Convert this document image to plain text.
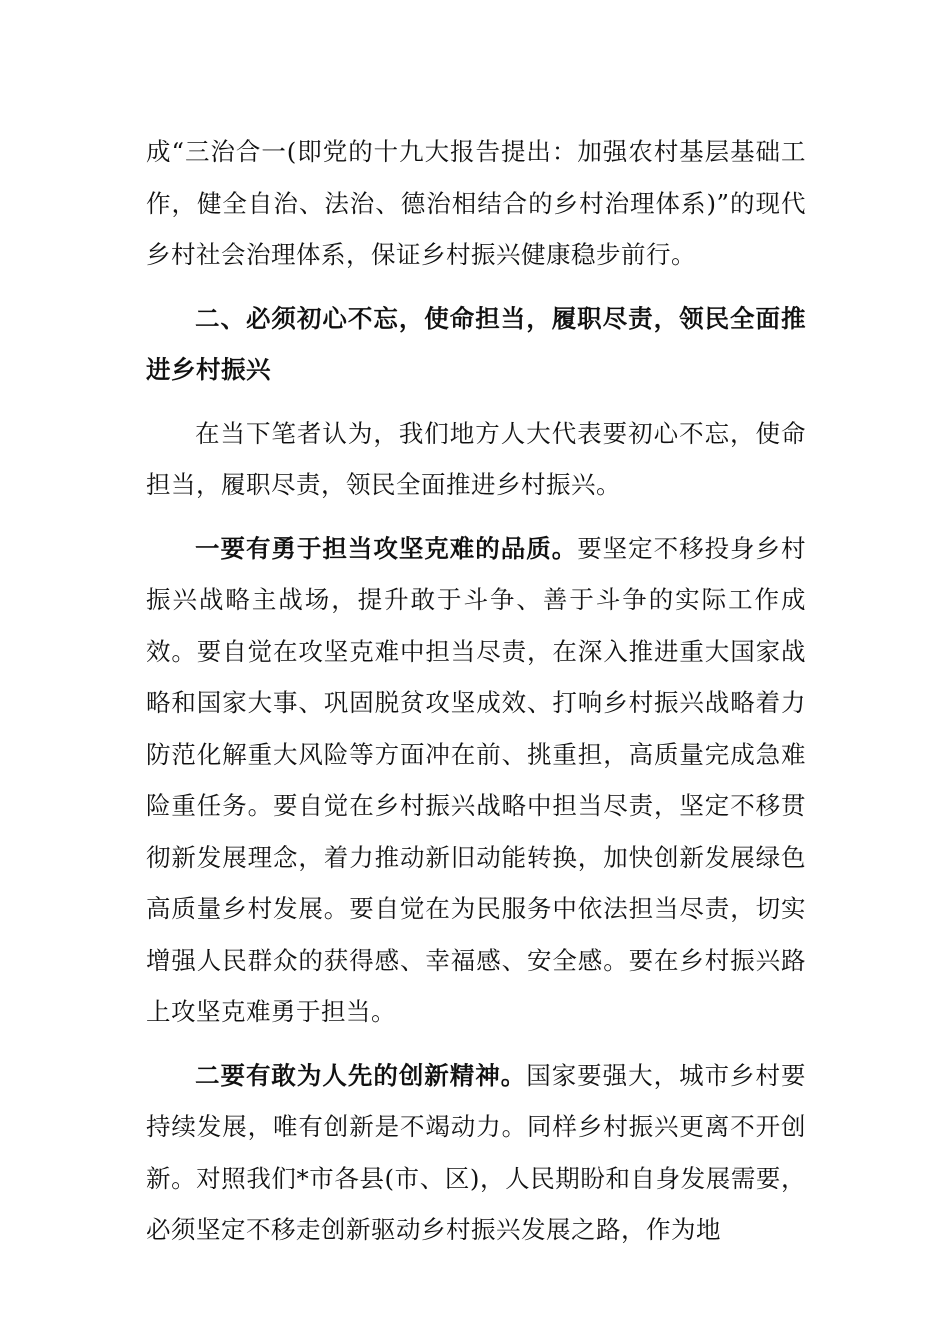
成“三治合一(即党的十九大报告提出：加强农村基层基础工作，健全自治、法治、德治相结合的乡村治理体系)”的现代乡村社会治理体系，保证乡村振兴健康稳步前行。

二、必须初心不忘，使命担当，履职尽责，领民全面推进乡村振兴

在当下笔者认为，我们地方人大代表要初心不忘，使命担当，履职尽责，领民全面推进乡村振兴。

一要有勇于担当攻坚克难的品质。要坚定不移投身乡村振兴战略主战场，提升敢于斗争、善于斗争的实际工作成效。要自觉在攻坚克难中担当尽责，在深入推进重大国家战略和国家大事、巩固脱贫攻坚成效、打响乡村振兴战略着力防范化解重大风险等方面冲在前、挑重担，高质量完成急难险重任务。要自觉在乡村振兴战略中担当尽责，坚定不移贯彻新发展理念，着力推动新旧动能转换，加快创新发展绿色高质量乡村发展。要自觉在为民服务中依法担当尽责，切实增强人民群众的获得感、幸福感、安全感。要在乡村振兴路上攻坚克难勇于担当。

二要有敢为人先的创新精神。国家要强大，城市乡村要持续发展，唯有创新是不竭动力。同样乡村振兴更离不开创新。对照我们*市各县(市、区)，人民期盼和自身发展需要，必须坚定不移走创新驱动乡村振兴发展之路，作为地
